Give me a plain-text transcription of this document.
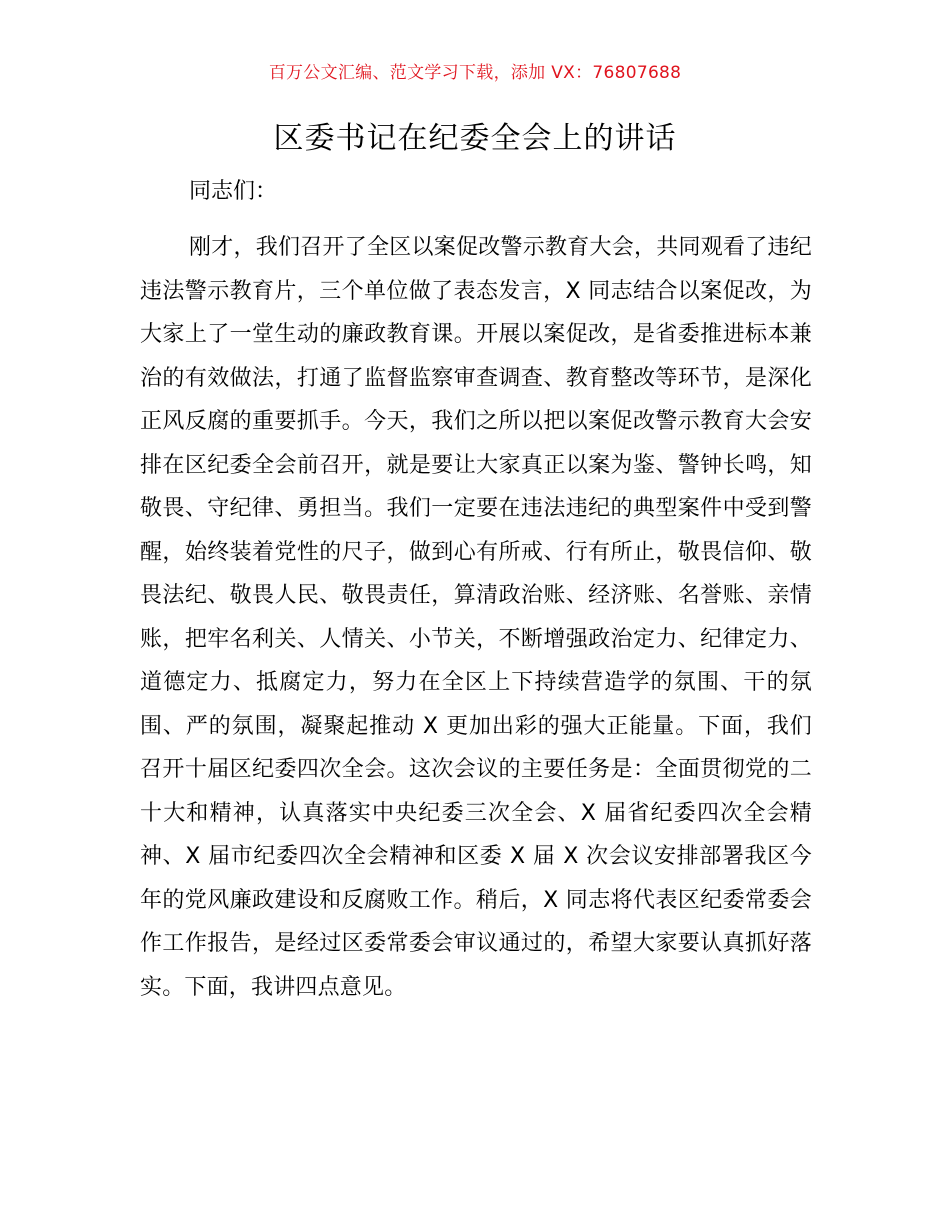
百万公文汇编、范文学习下载，添加 VX：76807688
区委书记在纪委全会上的讲话

同志们：

刚才，我们召开了全区以案促改警示教育大会，共同观看了违纪违法警示教育片，三个单位做了表态发言，X 同志结合以案促改，为大家上了一堂生动的廉政教育课。开展以案促改，是省委推进标本兼治的有效做法，打通了监督监察审查调查、教育整改等环节，是深化正风反腐的重要抓手。今天，我们之所以把以案促改警示教育大会安排在区纪委全会前召开，就是要让大家真正以案为鉴、警钟长鸣，知敬畏、守纪律、勇担当。我们一定要在违法违纪的典型案件中受到警醒，始终装着党性的尺子，做到心有所戒、行有所止，敬畏信仰、敬畏法纪、敬畏人民、敬畏责任，算清政治账、经济账、名誉账、亲情账，把牢名利关、人情关、小节关，不断增强政治定力、纪律定力、道德定力、抵腐定力，努力在全区上下持续营造学的氛围、干的氛围、严的氛围，凝聚起推动 X 更加出彩的强大正能量。下面，我们召开十届区纪委四次全会。这次会议的主要任务是：全面贯彻党的二十大和精神，认真落实中央纪委三次全会、X 届省纪委四次全会精神、X 届市纪委四次全会精神和区委 X 届 X 次会议安排部署我区今年的党风廉政建设和反腐败工作。稍后，X 同志将代表区纪委常委会作工作报告，是经过区委常委会审议通过的，希望大家要认真抓好落实。下面，我讲四点意见。
